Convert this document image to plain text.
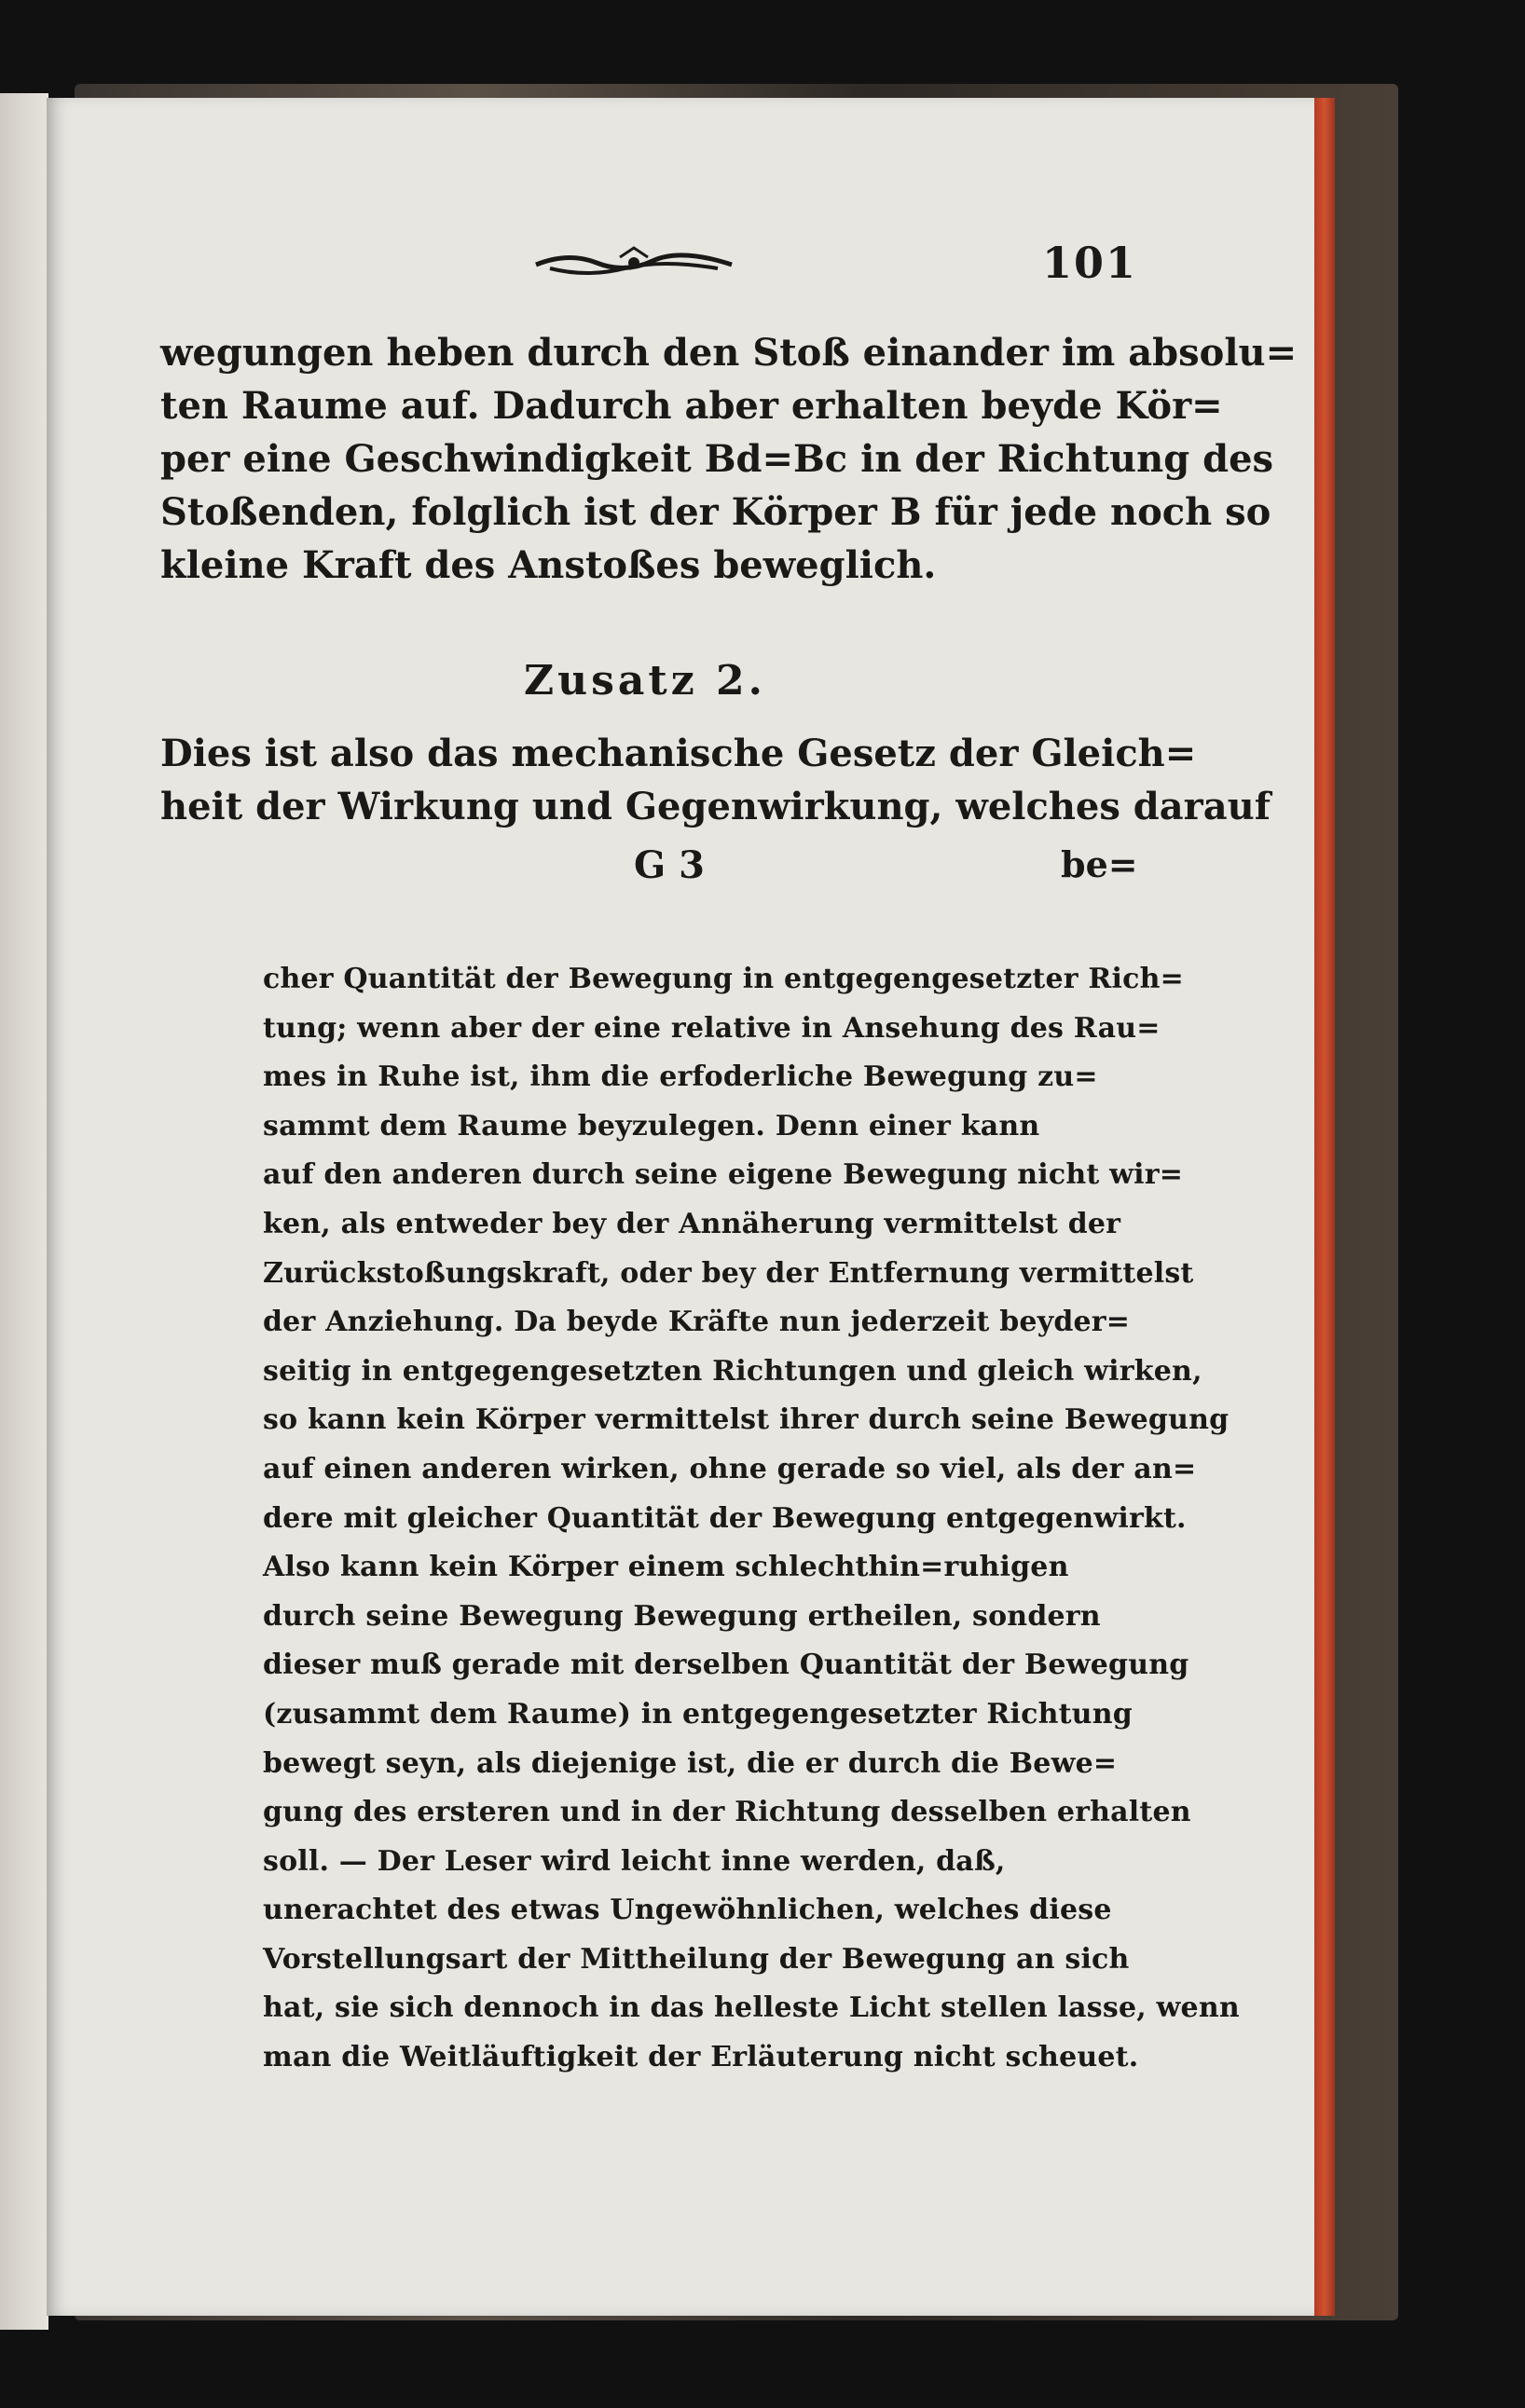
101
wegungen heben durch den Stoß einander im absolu=
ten Raume auf. Dadurch aber erhalten beyde Kör=
per eine Geschwindigkeit Bd=Bc in der Richtung des
Stoßenden, folglich ist der Körper B für jede noch so
kleine Kraft des Anstoßes beweglich.
Zusatz 2.
Dies ist also das mechanische Gesetz der Gleich=
heit der Wirkung und Gegenwirkung, welches darauf
G 3	be=
cher Quantität der Bewegung in entgegengesetzter Rich=
tung; wenn aber der eine relative in Ansehung des Rau=
mes in Ruhe ist, ihm die erfoderliche Bewegung zu=
sammt dem Raume beyzulegen. Denn einer kann
auf den anderen durch seine eigene Bewegung nicht wir=
ken, als entweder bey der Annäherung vermittelst der
Zurückstoßungskraft, oder bey der Entfernung vermittelst
der Anziehung. Da beyde Kräfte nun jederzeit beyder=
seitig in entgegengesetzten Richtungen und gleich wirken,
so kann kein Körper vermittelst ihrer durch seine Bewegung
auf einen anderen wirken, ohne gerade so viel, als der an=
dere mit gleicher Quantität der Bewegung entgegenwirkt.
Also kann kein Körper einem schlechthin=ruhigen
durch seine Bewegung Bewegung ertheilen, sondern
dieser muß gerade mit derselben Quantität der Bewegung
(zusammt dem Raume) in entgegengesetzter Richtung
bewegt seyn, als diejenige ist, die er durch die Bewe=
gung des ersteren und in der Richtung desselben erhalten
soll. — Der Leser wird leicht inne werden, daß,
unerachtet des etwas Ungewöhnlichen, welches diese
Vorstellungsart der Mittheilung der Bewegung an sich
hat, sie sich dennoch in das helleste Licht stellen lasse, wenn
man die Weitläuftigkeit der Erläuterung nicht scheuet.
